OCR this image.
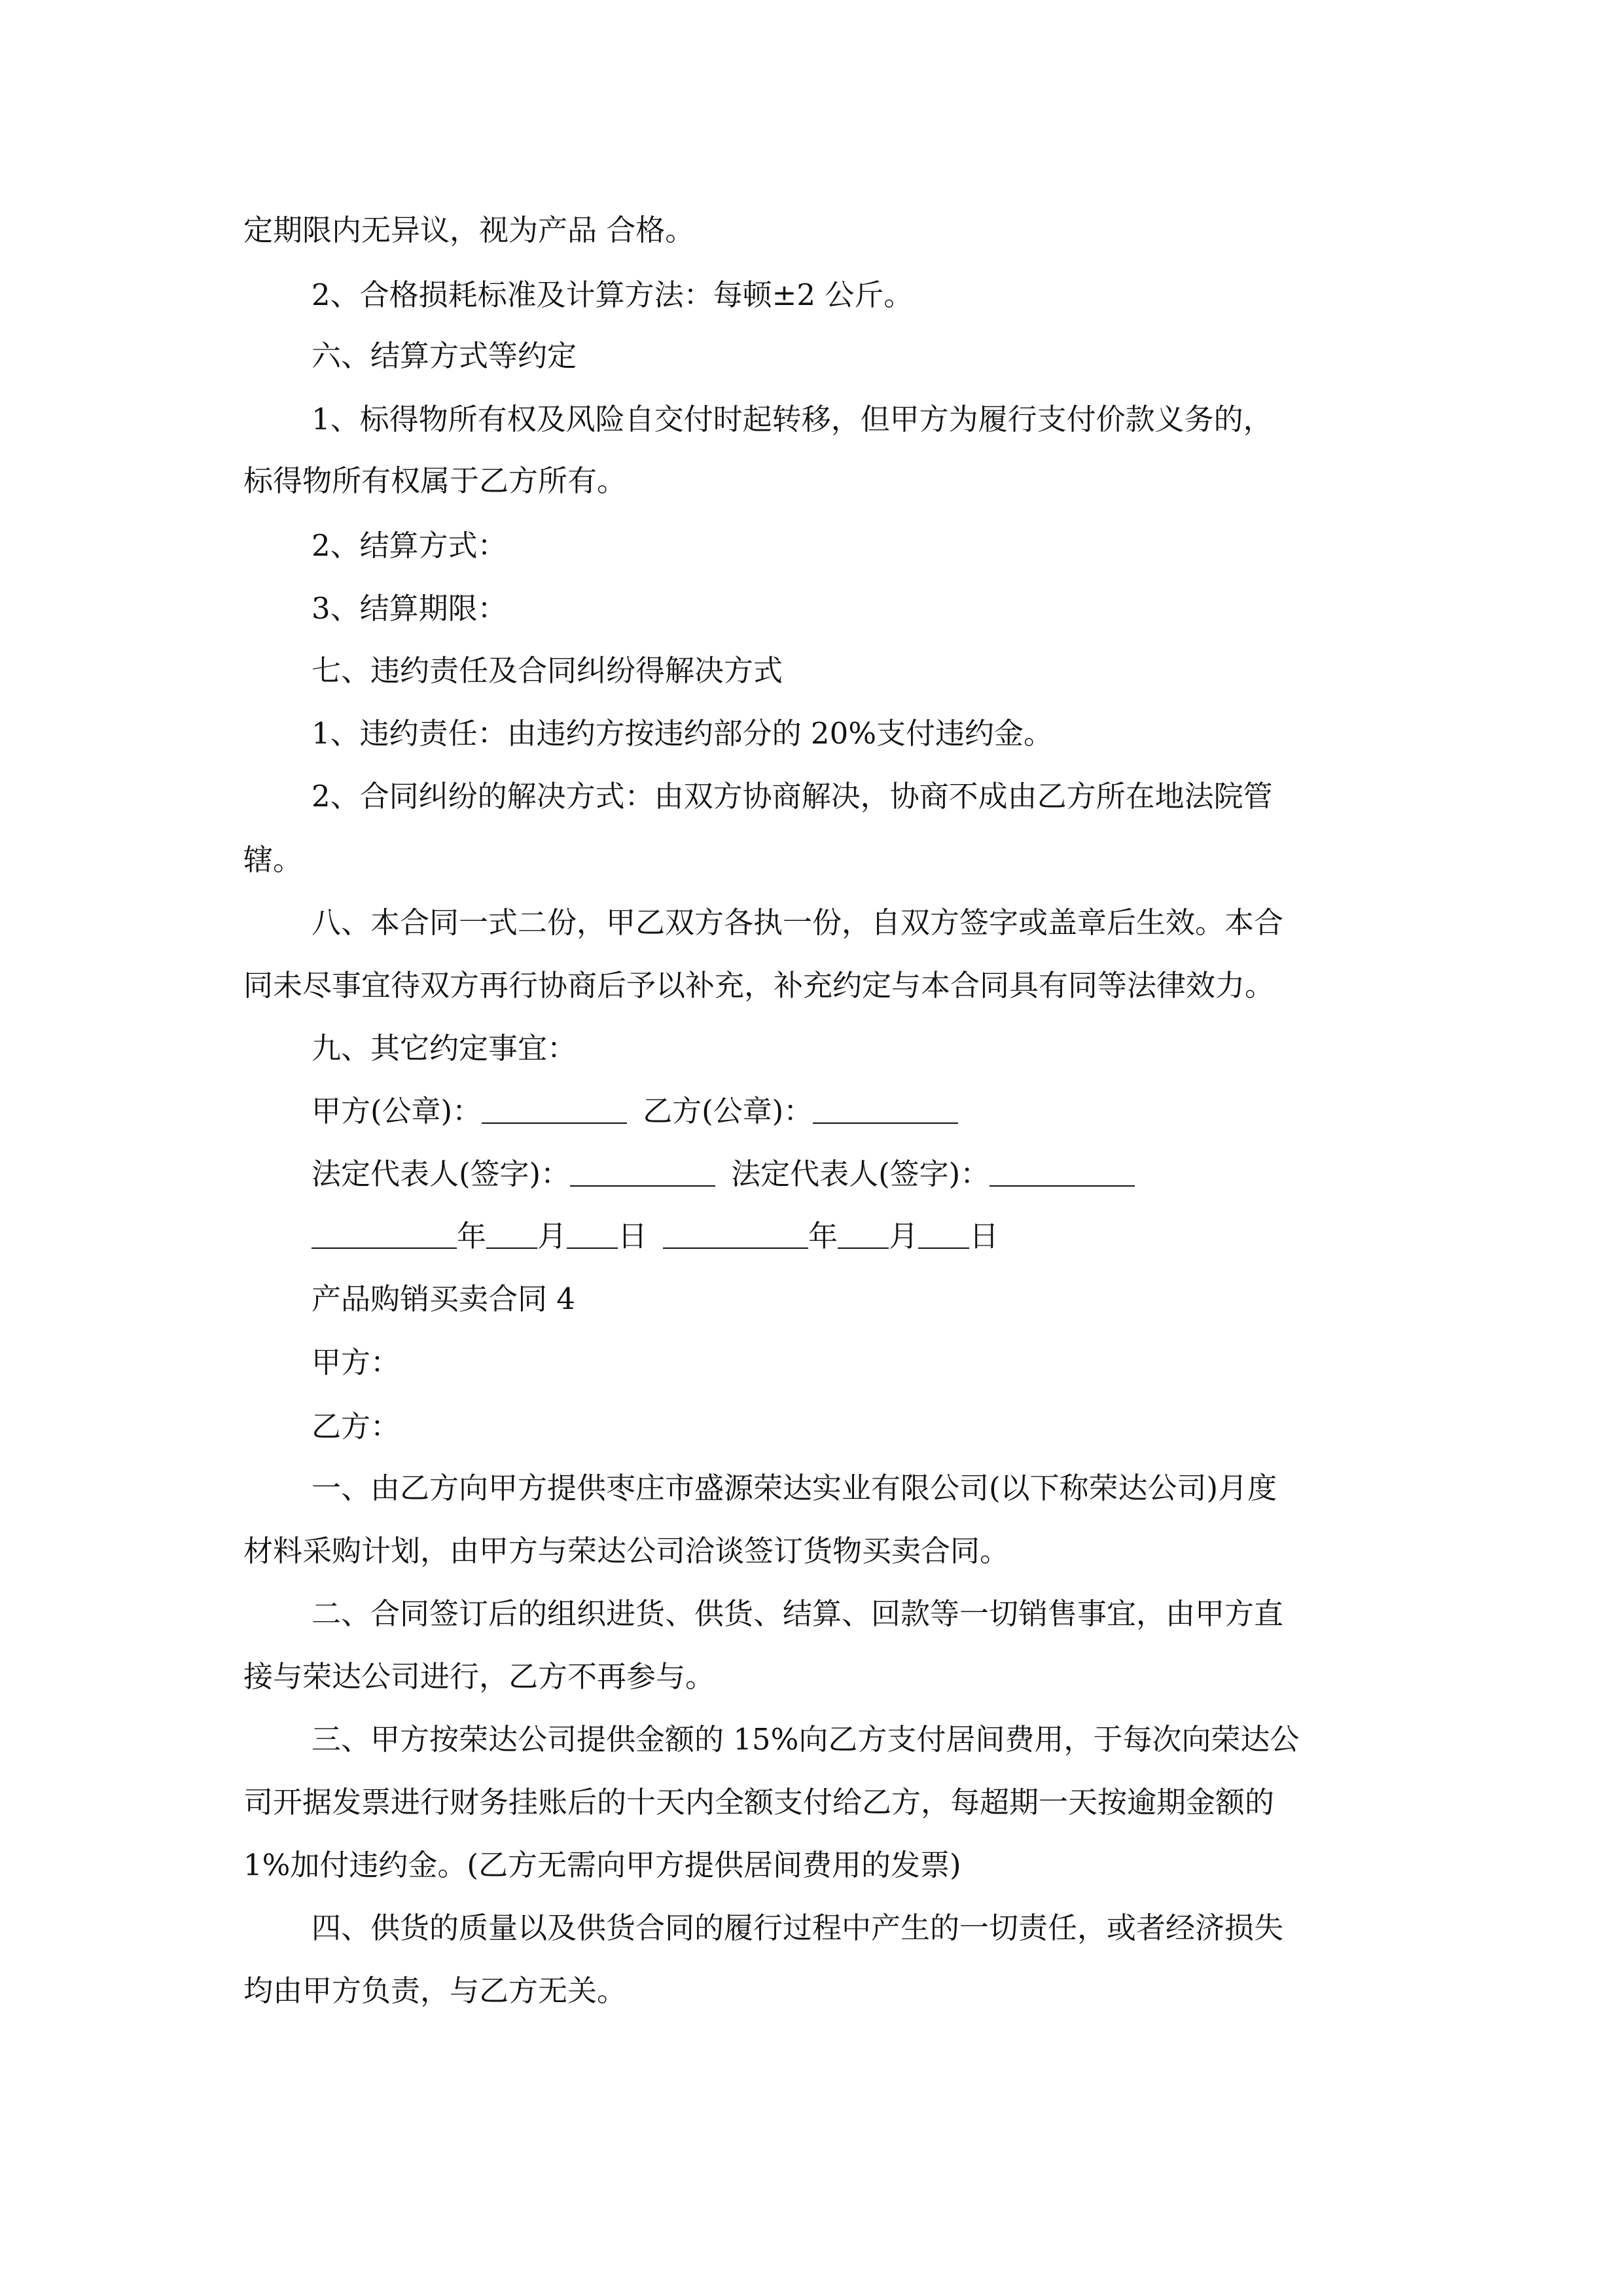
定期限内无异议，视为产品 合格。
2、合格损耗标准及计算方法：每顿±2 公斤。
六、结算方式等约定
1、标得物所有权及风险自交付时起转移，但甲方为履行支付价款义务的，
标得物所有权属于乙方所有。
2、结算方式：
3、结算期限：
七、违约责任及合同纠纷得解决方式
1、违约责任：由违约方按违约部分的 20%支付违约金。
2、合同纠纷的解决方式：由双方协商解决，协商不成由乙方所在地法院管
辖。
八、本合同一式二份，甲乙双方各执一份，自双方签字或盖章后生效。本合
同未尽事宜待双方再行协商后予以补充，补充约定与本合同具有同等法律效力。
九、其它约定事宜：
甲方(公章)：	乙方(公章)：
法定代表人(签字)：	法定代表人(签字)：
年 月 日	年 月 日
产品购销买卖合同 4
甲方：
乙方：
一、由乙方向甲方提供枣庄市盛源荣达实业有限公司(以下称荣达公司)月度
材料采购计划，由甲方与荣达公司洽谈签订货物买卖合同。
二、合同签订后的组织进货、供货、结算、回款等一切销售事宜，由甲方直
接与荣达公司进行，乙方不再参与。
三、甲方按荣达公司提供金额的 15%向乙方支付居间费用，于每次向荣达公
司开据发票进行财务挂账后的十天内全额支付给乙方，每超期一天按逾期金额的
1%加付违约金。(乙方无需向甲方提供居间费用的发票)
四、供货的质量以及供货合同的履行过程中产生的一切责任，或者经济损失
均由甲方负责，与乙方无关。
